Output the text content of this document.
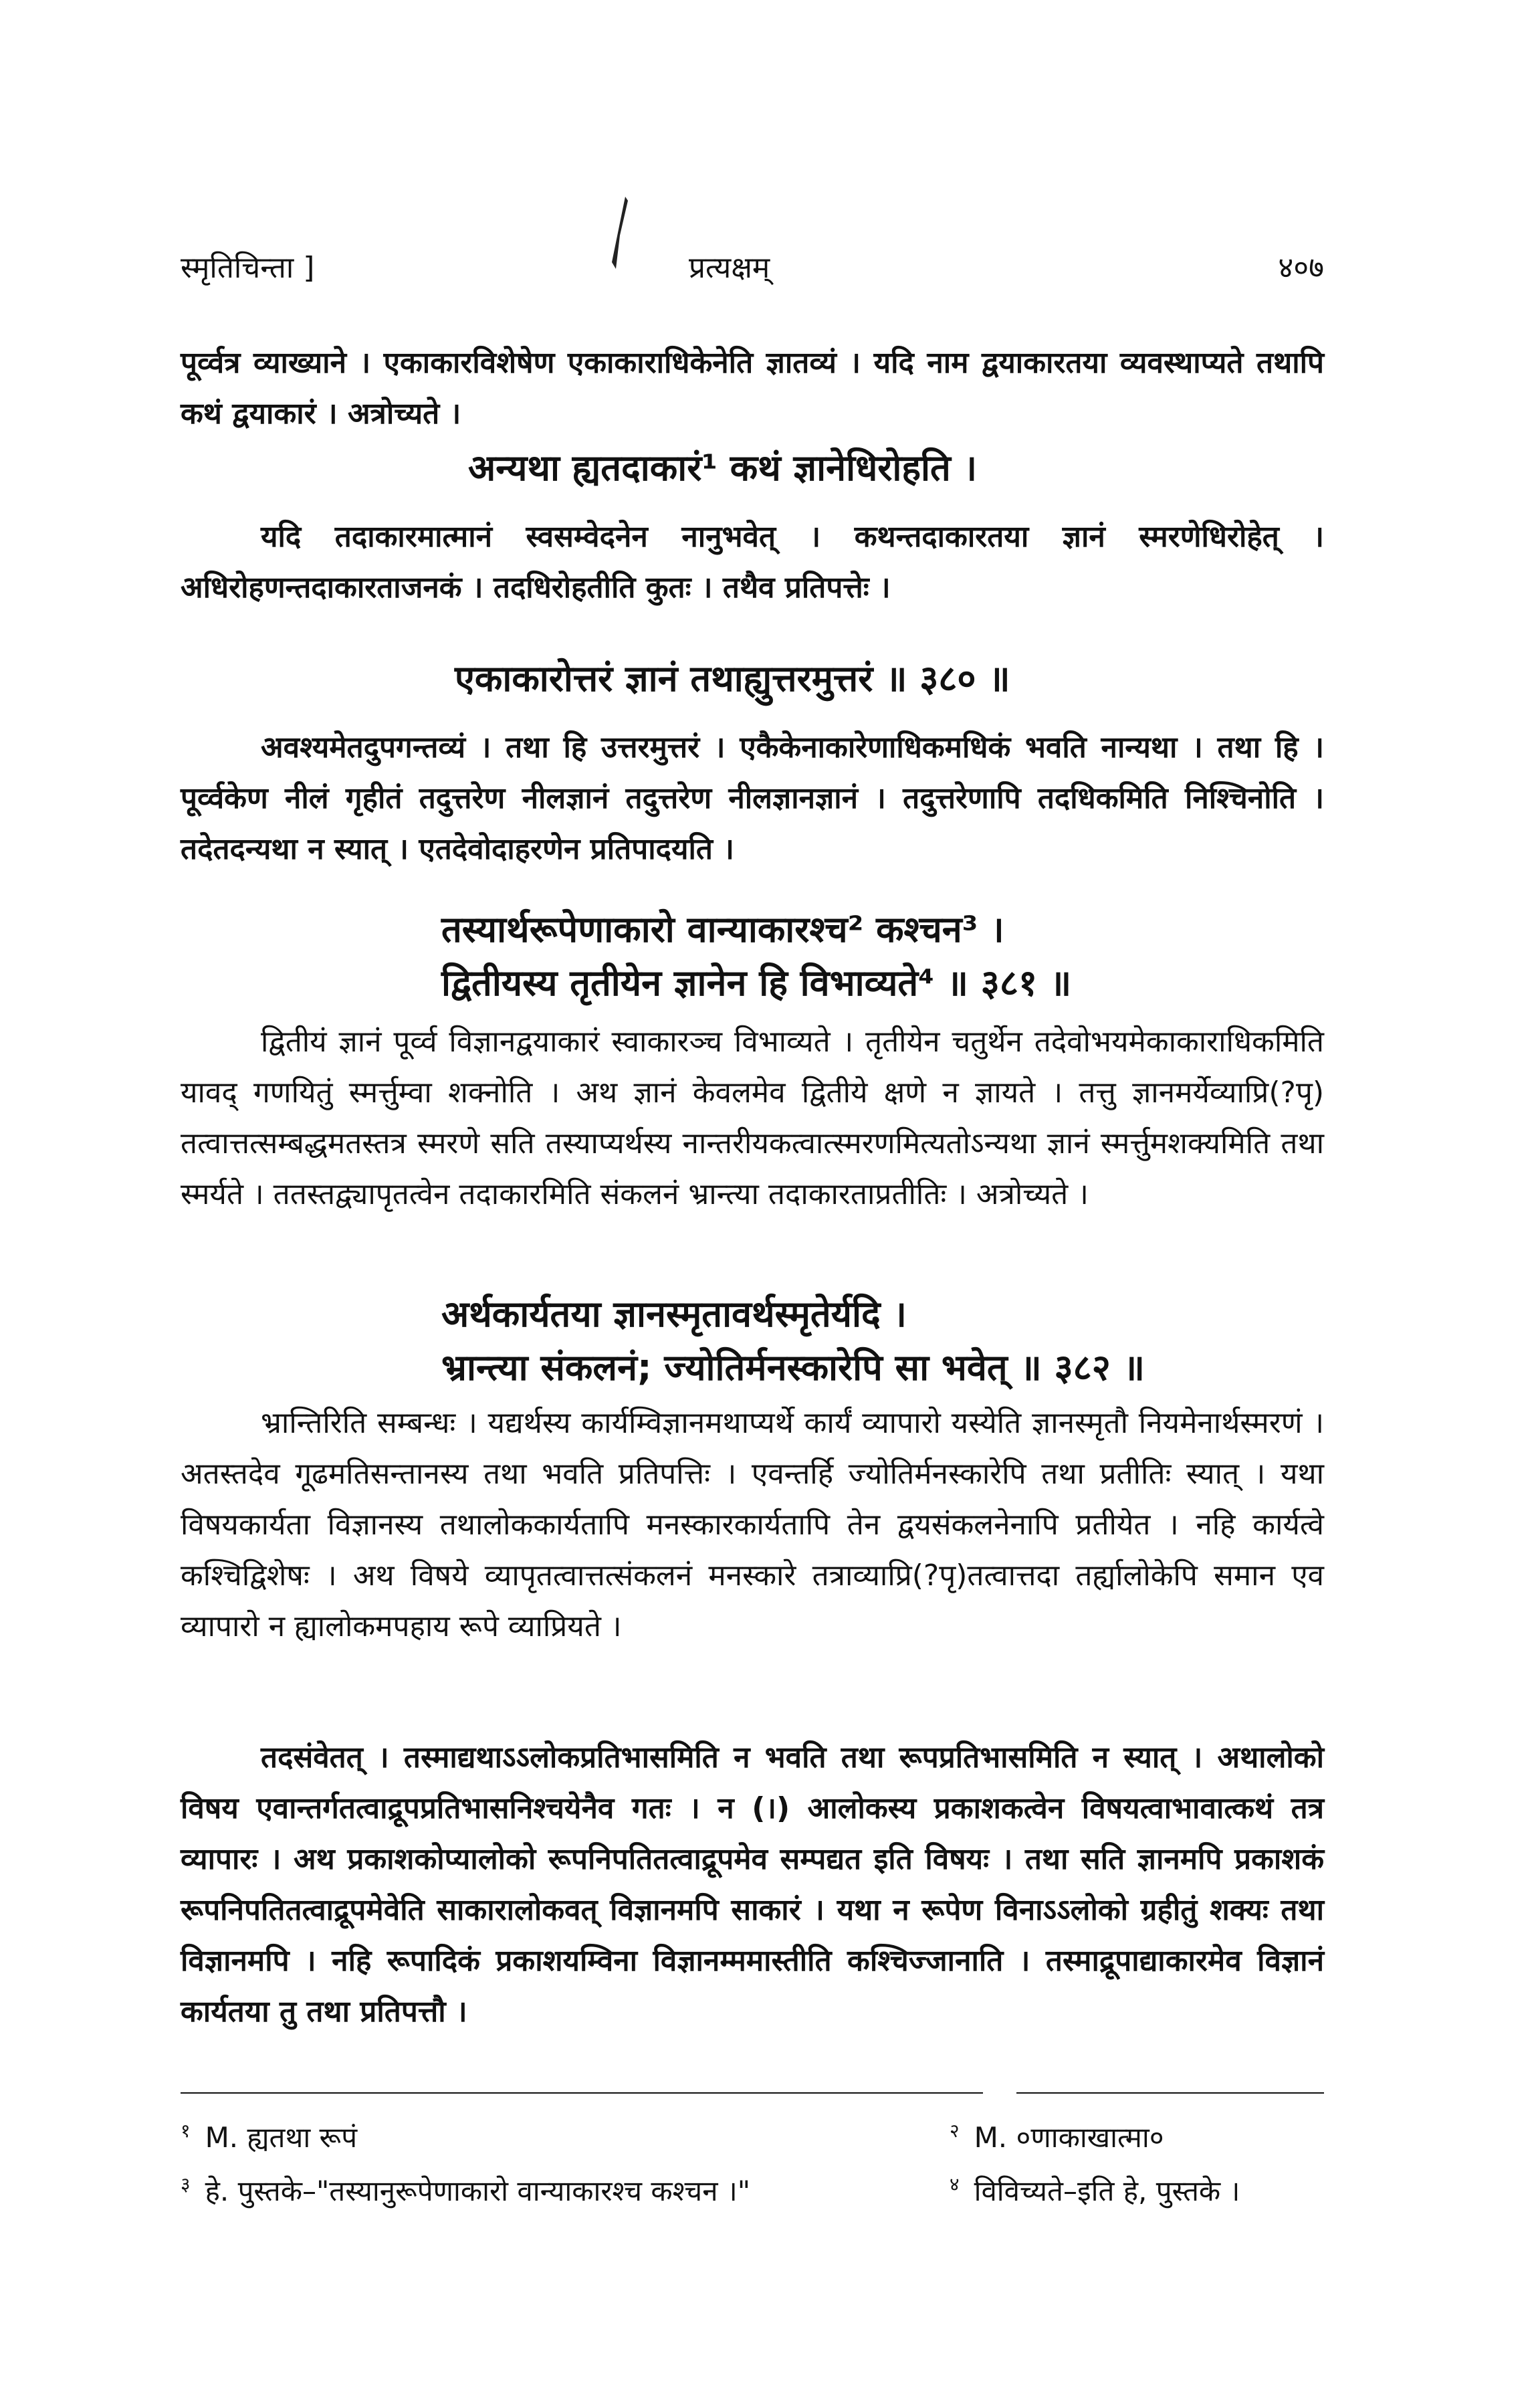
स्मृतिचिन्ता ]	प्रत्यक्षम्	४०७
पूर्व्वत्र व्याख्याने । एकाकारविशेषेण एकाकाराधिकेनेति ज्ञातव्यं । यदि नाम द्वयाकारतया व्यवस्थाप्यते तथापि कथं द्वयाकारं । अत्रोच्यते ।
अन्यथा ह्यतदाकारं¹ कथं ज्ञानेधिरोहति ।
यदि तदाकारमात्मानं स्वसम्वेदनेन नानुभवेत् । कथन्तदाकारतया ज्ञानं स्मरणेधिरोहेत् । अधिरोहणन्तदाकारताजनकं । तदधिरोहतीति कुतः । तथैव प्रतिपत्तेः ।
एकाकारोत्तरं ज्ञानं तथाह्युत्तरमुत्तरं ॥ ३८० ॥
अवश्यमेतदुपगन्तव्यं । तथा हि उत्तरमुत्तरं । एकैकेनाकारेणाधिकमधिकं भवति नान्यथा । तथा हि । पूर्व्वकेण नीलं गृहीतं तदुत्तरेण नीलज्ञानं तदुत्तरेण नीलज्ञानज्ञानं । तदुत्तरेणापि तदधिकमिति निश्चिनोति । तदेतदन्यथा न स्यात् । एतदेवोदाहरणेन प्रतिपादयति ।
तस्यार्थरूपेणाकारो वान्याकारश्च² कश्चन³ ।
द्वितीयस्य तृतीयेन ज्ञानेन हि विभाव्यते⁴ ॥ ३८१ ॥
द्वितीयं ज्ञानं पूर्व्व विज्ञानद्वयाकारं स्वाकारञ्च विभाव्यते । तृतीयेन चतुर्थेन तदेवोभयमेकाकाराधिकमिति यावद् गणयितुं स्मर्त्तुम्वा शक्नोति । अथ ज्ञानं केवलमेव द्वितीये क्षणे न ज्ञायते । तत्तु ज्ञानमर्येव्याप्रि(?पृ) तत्वात्तत्सम्बद्धमतस्तत्र स्मरणे सति तस्याप्यर्थस्य नान्तरीयकत्वात्स्मरणमित्यतोऽन्यथा ज्ञानं स्मर्त्तुमशक्यमिति तथा स्मर्यते । ततस्तद्व्यापृतत्वेन तदाकारमिति संकलनं भ्रान्त्या तदाकारताप्रतीतिः । अत्रोच्यते ।
अर्थकार्यतया ज्ञानस्मृतावर्थस्मृतेर्यदि ।
भ्रान्त्या संकलनं; ज्योतिर्मनस्कारेपि सा भवेत् ॥ ३८२ ॥
भ्रान्तिरिति सम्बन्धः । यद्यर्थस्य कार्यम्विज्ञानमथाप्यर्थे कार्यं व्यापारो यस्येति ज्ञानस्मृतौ नियमेनार्थस्मरणं । अतस्तदेव गूढमतिसन्तानस्य तथा भवति प्रतिपत्तिः । एवन्तर्हि ज्योतिर्मनस्कारेपि तथा प्रतीतिः स्यात् । यथा विषयकार्यता विज्ञानस्य तथालोककार्यतापि मनस्कारकार्यतापि तेन द्वयसंकलनेनापि प्रतीयेत । नहि कार्यत्वे कश्चिद्विशेषः । अथ विषये व्यापृतत्वात्तत्संकलनं मनस्कारे तत्राव्याप्रि(?पृ)तत्वात्तदा तर्ह्यालोकेपि समान एव व्यापारो न ह्यालोकमपहाय रूपे व्याप्रियते ।
तदसंवेतत् । तस्माद्यथाऽऽलोकप्रतिभासमिति न भवति तथा रूपप्रतिभासमिति न स्यात् । अथालोको विषय एवान्तर्गतत्वाद्रूपप्रतिभासनिश्चयेनैव गतः । न (।) आलोकस्य प्रकाशकत्वेन विषयत्वाभावात्कथं तत्र व्यापारः । अथ प्रकाशकोप्यालोको रूपनिपतितत्वाद्रूपमेव सम्पद्यत इति विषयः । तथा सति ज्ञानमपि प्रकाशकं रूपनिपतितत्वाद्रूपमेवेति साकारालोकवत् विज्ञानमपि साकारं । यथा न रूपेण विनाऽऽलोको ग्रहीतुं शक्यः तथा विज्ञानमपि । नहि रूपादिकं प्रकाशयम्विना विज्ञानम्ममास्तीति कश्चिज्जानाति । तस्माद्रूपाद्याकारमेव विज्ञानं कार्यतया तु तथा प्रतिपत्तौ ।
$^१$ M. ह्यतथा रूपं	$^२$ M. ०णाकाखात्मा०
$^३$ हे. पुस्तके–"तस्यानुरूपेणाकारो वान्याकारश्च कश्चन ।"	$^४$ विविच्यते–इति हे, पुस्तके ।
